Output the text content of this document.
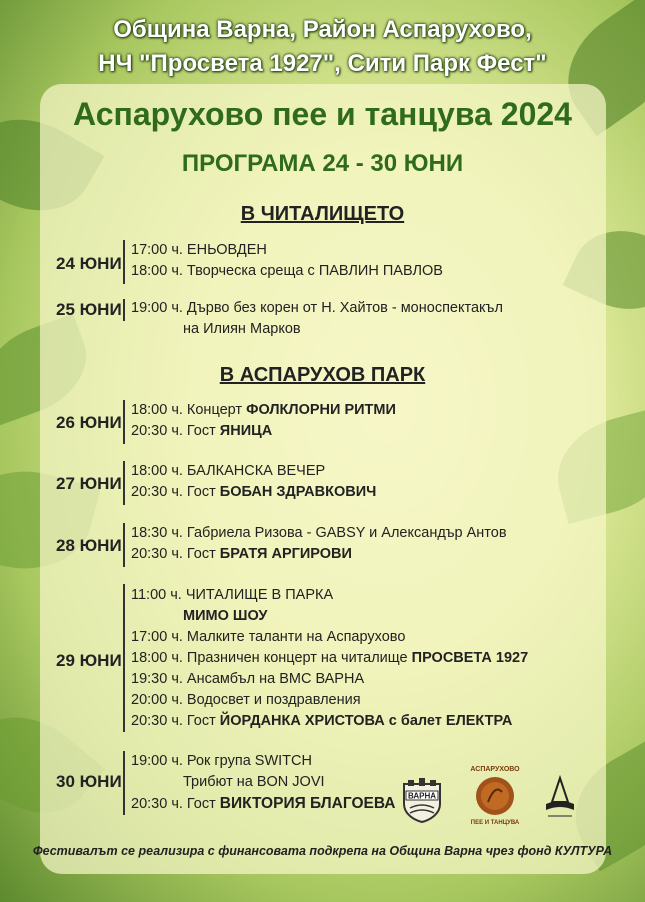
Община Варна, Район Аспарухово,
НЧ "Просвета 1927", Сити Парк Фест"
Аспарухово пее и танцува 2024
ПРОГРАМА 24 - 30 ЮНИ
В ЧИТАЛИЩЕТО
24 ЮНИ
17:00 ч. ЕНЬОВДЕН
18:00 ч. Творческа среща с ПАВЛИН ПАВЛОВ
25 ЮНИ 19:00 ч. Дърво без корен от Н. Хайтов - моноспектакъл
на Илиян Марков
В АСПАРУХОВ ПАРК
26 ЮНИ
18:00 ч. Концерт ФОЛКЛОРНИ РИТМИ
20:30 ч. Гост ЯНИЦА
27 ЮНИ
18:00 ч. БАЛКАНСКА ВЕЧЕР
20:30 ч. Гост БОБАН ЗДРАВКОВИЧ
28 ЮНИ
18:30 ч. Габриела Ризова - GABSY и Александър Антов
20:30 ч. Гост БРАТЯ АРГИРОВИ
29 ЮНИ
11:00 ч. ЧИТАЛИЩЕ В ПАРКА
МИМО ШОУ
17:00 ч. Малките таланти на Аспарухово
18:00 ч. Празничен концерт на читалище ПРОСВЕТА 1927
19:30 ч. Ансамбъл на ВМС ВАРНА
20:00 ч. Водосвет и поздравления
20:30 ч. Гост ЙОРДАНКА ХРИСТОВА с балет ЕЛЕКТРА
30 ЮНИ
19:00 ч. Рок група SWITCH
Трибют на BON JOVI
20:30 ч. Гост ВИКТОРИЯ БЛАГОЕВА ВАРНА
АСПАРУХОВО
ПЕЕ И ТАНЦУВА
Фестивалът се реализира с финансовата подкрепа на Община Варна чрез фонд КУЛТУРА
